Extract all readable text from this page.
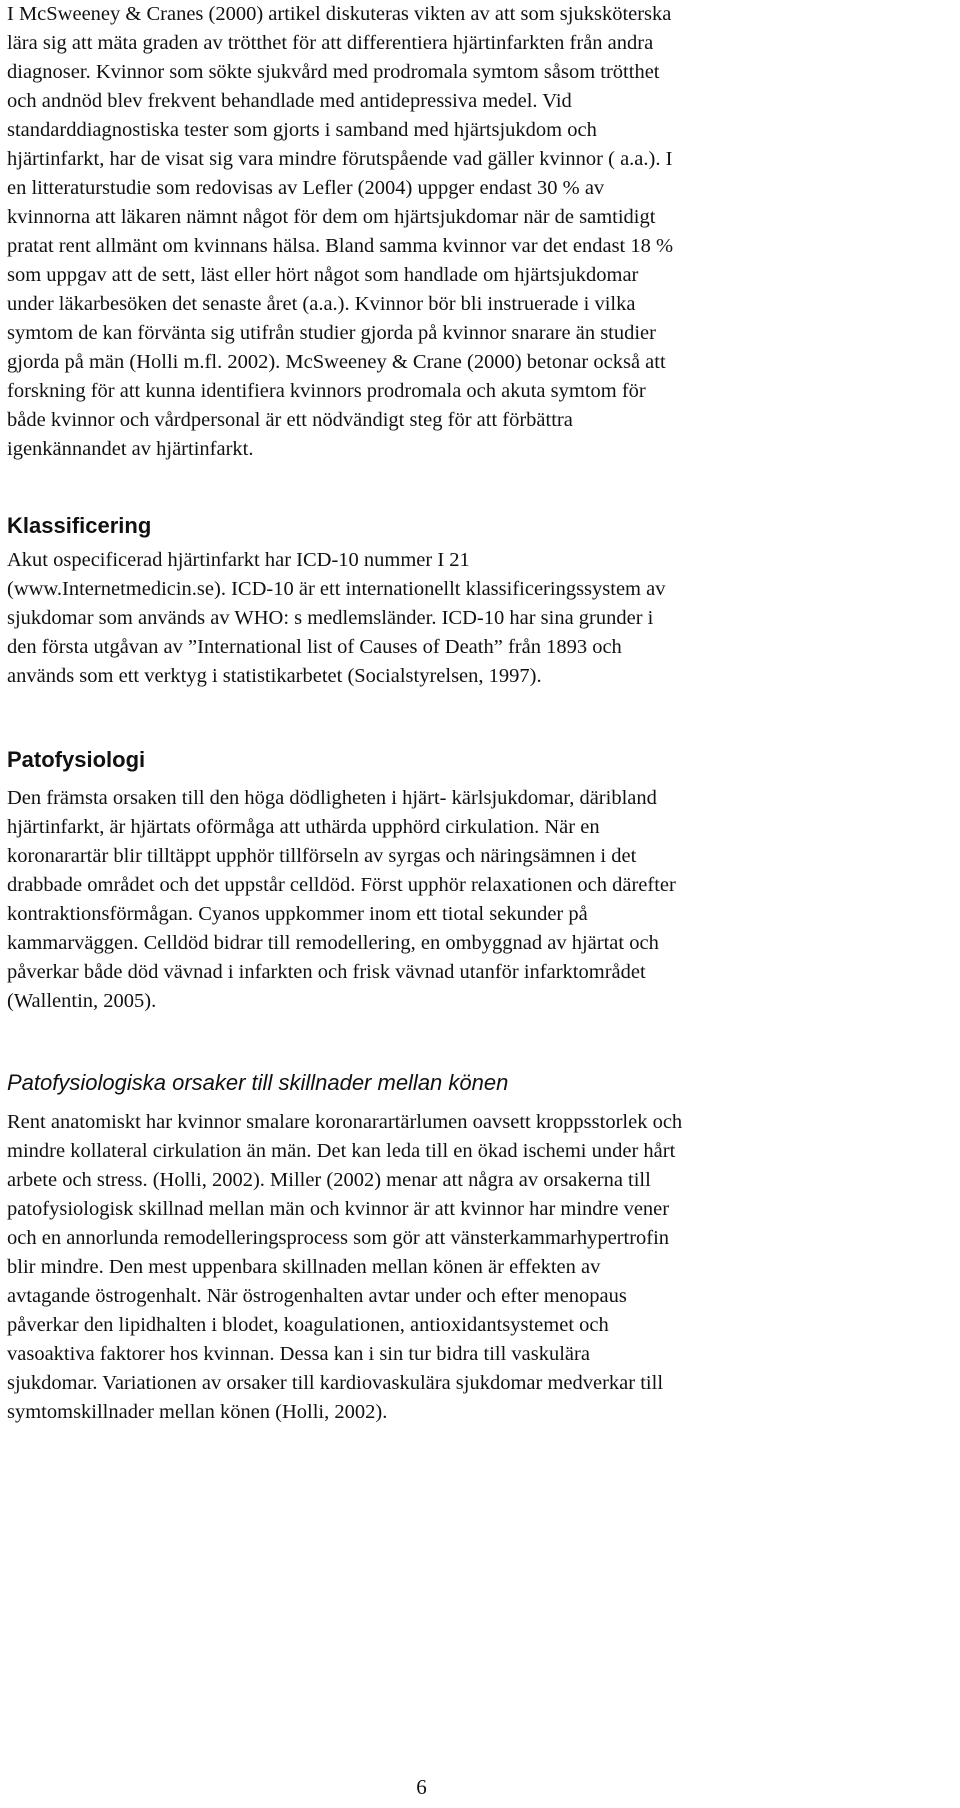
I McSweeney & Cranes (2000) artikel diskuteras vikten av att som sjuksköterska
lära sig att mäta graden av trötthet för att differentiera hjärtinfarkten från andra
diagnoser. Kvinnor som sökte sjukvård med prodromala symtom såsom trötthet
och andnöd blev frekvent behandlade med antidepressiva medel. Vid
standarddiagnostiska tester som gjorts i samband med hjärtsjukdom och
hjärtinfarkt, har de visat sig vara mindre förutspående vad gäller kvinnor ( a.a.). I
en litteraturstudie som redovisas av Lefler (2004) uppger endast 30 % av
kvinnorna att läkaren nämnt något för dem om hjärtsjukdomar när de samtidigt
pratat rent allmänt om kvinnans hälsa. Bland samma kvinnor var det endast 18 %
som uppgav att de sett, läst eller hört något som handlade om hjärtsjukdomar
under läkarbesöken det senaste året (a.a.). Kvinnor bör bli instruerade i vilka
symtom de kan förvänta sig utifrån studier gjorda på kvinnor snarare än studier
gjorda på män (Holli m.fl. 2002). McSweeney & Crane (2000) betonar också att
forskning för att kunna identifiera kvinnors prodromala och akuta symtom för
både kvinnor och vårdpersonal är ett nödvändigt steg för att förbättra
igenkännandet av hjärtinfarkt.
Klassificering
Akut ospecificerad hjärtinfarkt har ICD-10 nummer I 21
(www.Internetmedicin.se). ICD-10 är ett internationellt klassificeringssystem av
sjukdomar som används av WHO: s medlemsländer. ICD-10 har sina grunder i
den första utgåvan av ”International list of Causes of Death” från 1893 och
används som ett verktyg i statistikarbetet (Socialstyrelsen, 1997).
Patofysiologi
Den främsta orsaken till den höga dödligheten i hjärt- kärlsjukdomar, däribland
hjärtinfarkt, är hjärtats oförmåga att uthärda upphörd cirkulation. När en
koronarartär blir tilltäppt upphör tillförseln av syrgas och näringsämnen i det
drabbade området och det uppstår celldöd. Först upphör relaxationen och därefter
kontraktionsförmågan. Cyanos uppkommer inom ett tiotal sekunder på
kammarväggen. Celldöd bidrar till remodellering, en ombyggnad av hjärtat och
påverkar både död vävnad i infarkten och frisk vävnad utanför infarktområdet
(Wallentin, 2005).
Patofysiologiska orsaker till skillnader mellan könen
Rent anatomiskt har kvinnor smalare koronarartärlumen oavsett kroppsstorlek och
mindre kollateral cirkulation än män. Det kan leda till en ökad ischemi under hårt
arbete och stress. (Holli, 2002). Miller (2002) menar att några av orsakerna till
patofysiologisk skillnad mellan män och kvinnor är att kvinnor har mindre vener
och en annorlunda remodelleringsprocess som gör att vänsterkammarhypertrofin
blir mindre. Den mest uppenbara skillnaden mellan könen är effekten av
avtagande östrogenhalt. När östrogenhalten avtar under och efter menopaus
påverkar den lipidhalten i blodet, koagulationen, antioxidantsystemet och
vasoaktiva faktorer hos kvinnan. Dessa kan i sin tur bidra till vaskulära
sjukdomar. Variationen av orsaker till kardiovaskulära sjukdomar medverkar till
symtomskillnader mellan könen (Holli, 2002).
6
